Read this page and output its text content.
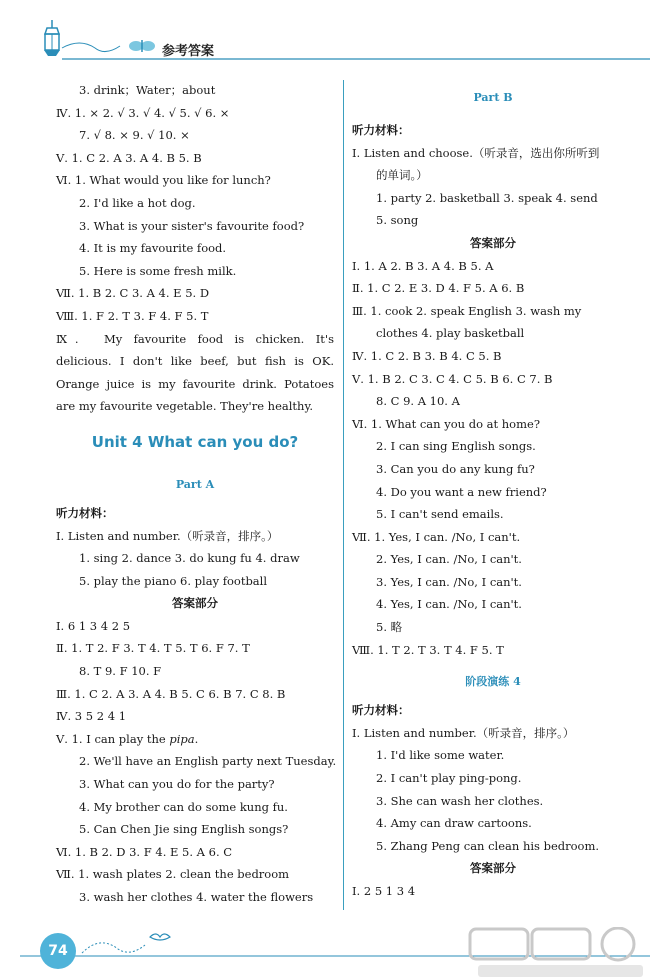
参考答案
3. drink；Water；about
Ⅳ. 1. × 2. √ 3. √ 4. √ 5. √ 6. ×
7. √ 8. × 9. √ 10. ×
Ⅴ. 1. C 2. A 3. A 4. B 5. B
Ⅵ. 1. What would you like for lunch?
2. I'd like a hot dog.
3. What is your sister's favourite food?
4. It is my favourite food.
5. Here is some fresh milk.
Ⅶ. 1. B 2. C 3. A 4. E 5. D
Ⅷ. 1. F 2. T 3. F 4. F 5. T
Ⅸ. My favourite food is chicken. It's delicious. I don't like beef, but fish is OK. Orange juice is my favourite drink. Potatoes are my favourite vegetable. They're healthy.
Unit 4 What can you do?
Part A
听力材料：
Ⅰ. Listen and number.（听录音，排序。）
1. sing 2. dance 3. do kung fu 4. draw
5. play the piano 6. play football
答案部分
Ⅰ. 6 1 3 4 2 5
Ⅱ. 1. T 2. F 3. T 4. T 5. T 6. F 7. T
8. T 9. F 10. F
Ⅲ. 1. C 2. A 3. A 4. B 5. C 6. B 7. C 8. B
Ⅳ. 3 5 2 4 1
Ⅴ. 1. I can play the pipa.
2. We'll have an English party next Tuesday.
3. What can you do for the party?
4. My brother can do some kung fu.
5. Can Chen Jie sing English songs?
Ⅵ. 1. B 2. D 3. F 4. E 5. A 6. C
Ⅶ. 1. wash plates 2. clean the bedroom
3. wash her clothes 4. water the flowers
Part B
听力材料：
Ⅰ. Listen and choose.（听录音，选出你所听到
的单词。）
1. party 2. basketball 3. speak 4. send
5. song
答案部分
Ⅰ. 1. A 2. B 3. A 4. B 5. A
Ⅱ. 1. C 2. E 3. D 4. F 5. A 6. B
Ⅲ. 1. cook 2. speak English 3. wash my
clothes 4. play basketball
Ⅳ. 1. C 2. B 3. B 4. C 5. B
Ⅴ. 1. B 2. C 3. C 4. C 5. B 6. C 7. B
8. C 9. A 10. A
Ⅵ. 1. What can you do at home?
2. I can sing English songs.
3. Can you do any kung fu?
4. Do you want a new friend?
5. I can't send emails.
Ⅶ. 1. Yes, I can. /No, I can't.
2. Yes, I can. /No, I can't.
3. Yes, I can. /No, I can't.
4. Yes, I can. /No, I can't.
5. 略
Ⅷ. 1. T 2. T 3. T 4. F 5. T
阶段演练 4
听力材料：
Ⅰ. Listen and number.（听录音，排序。）
1. I'd like some water.
2. I can't play ping-pong.
3. She can wash her clothes.
4. Amy can draw cartoons.
5. Zhang Peng can clean his bedroom.
答案部分
Ⅰ. 2 5 1 3 4
74
